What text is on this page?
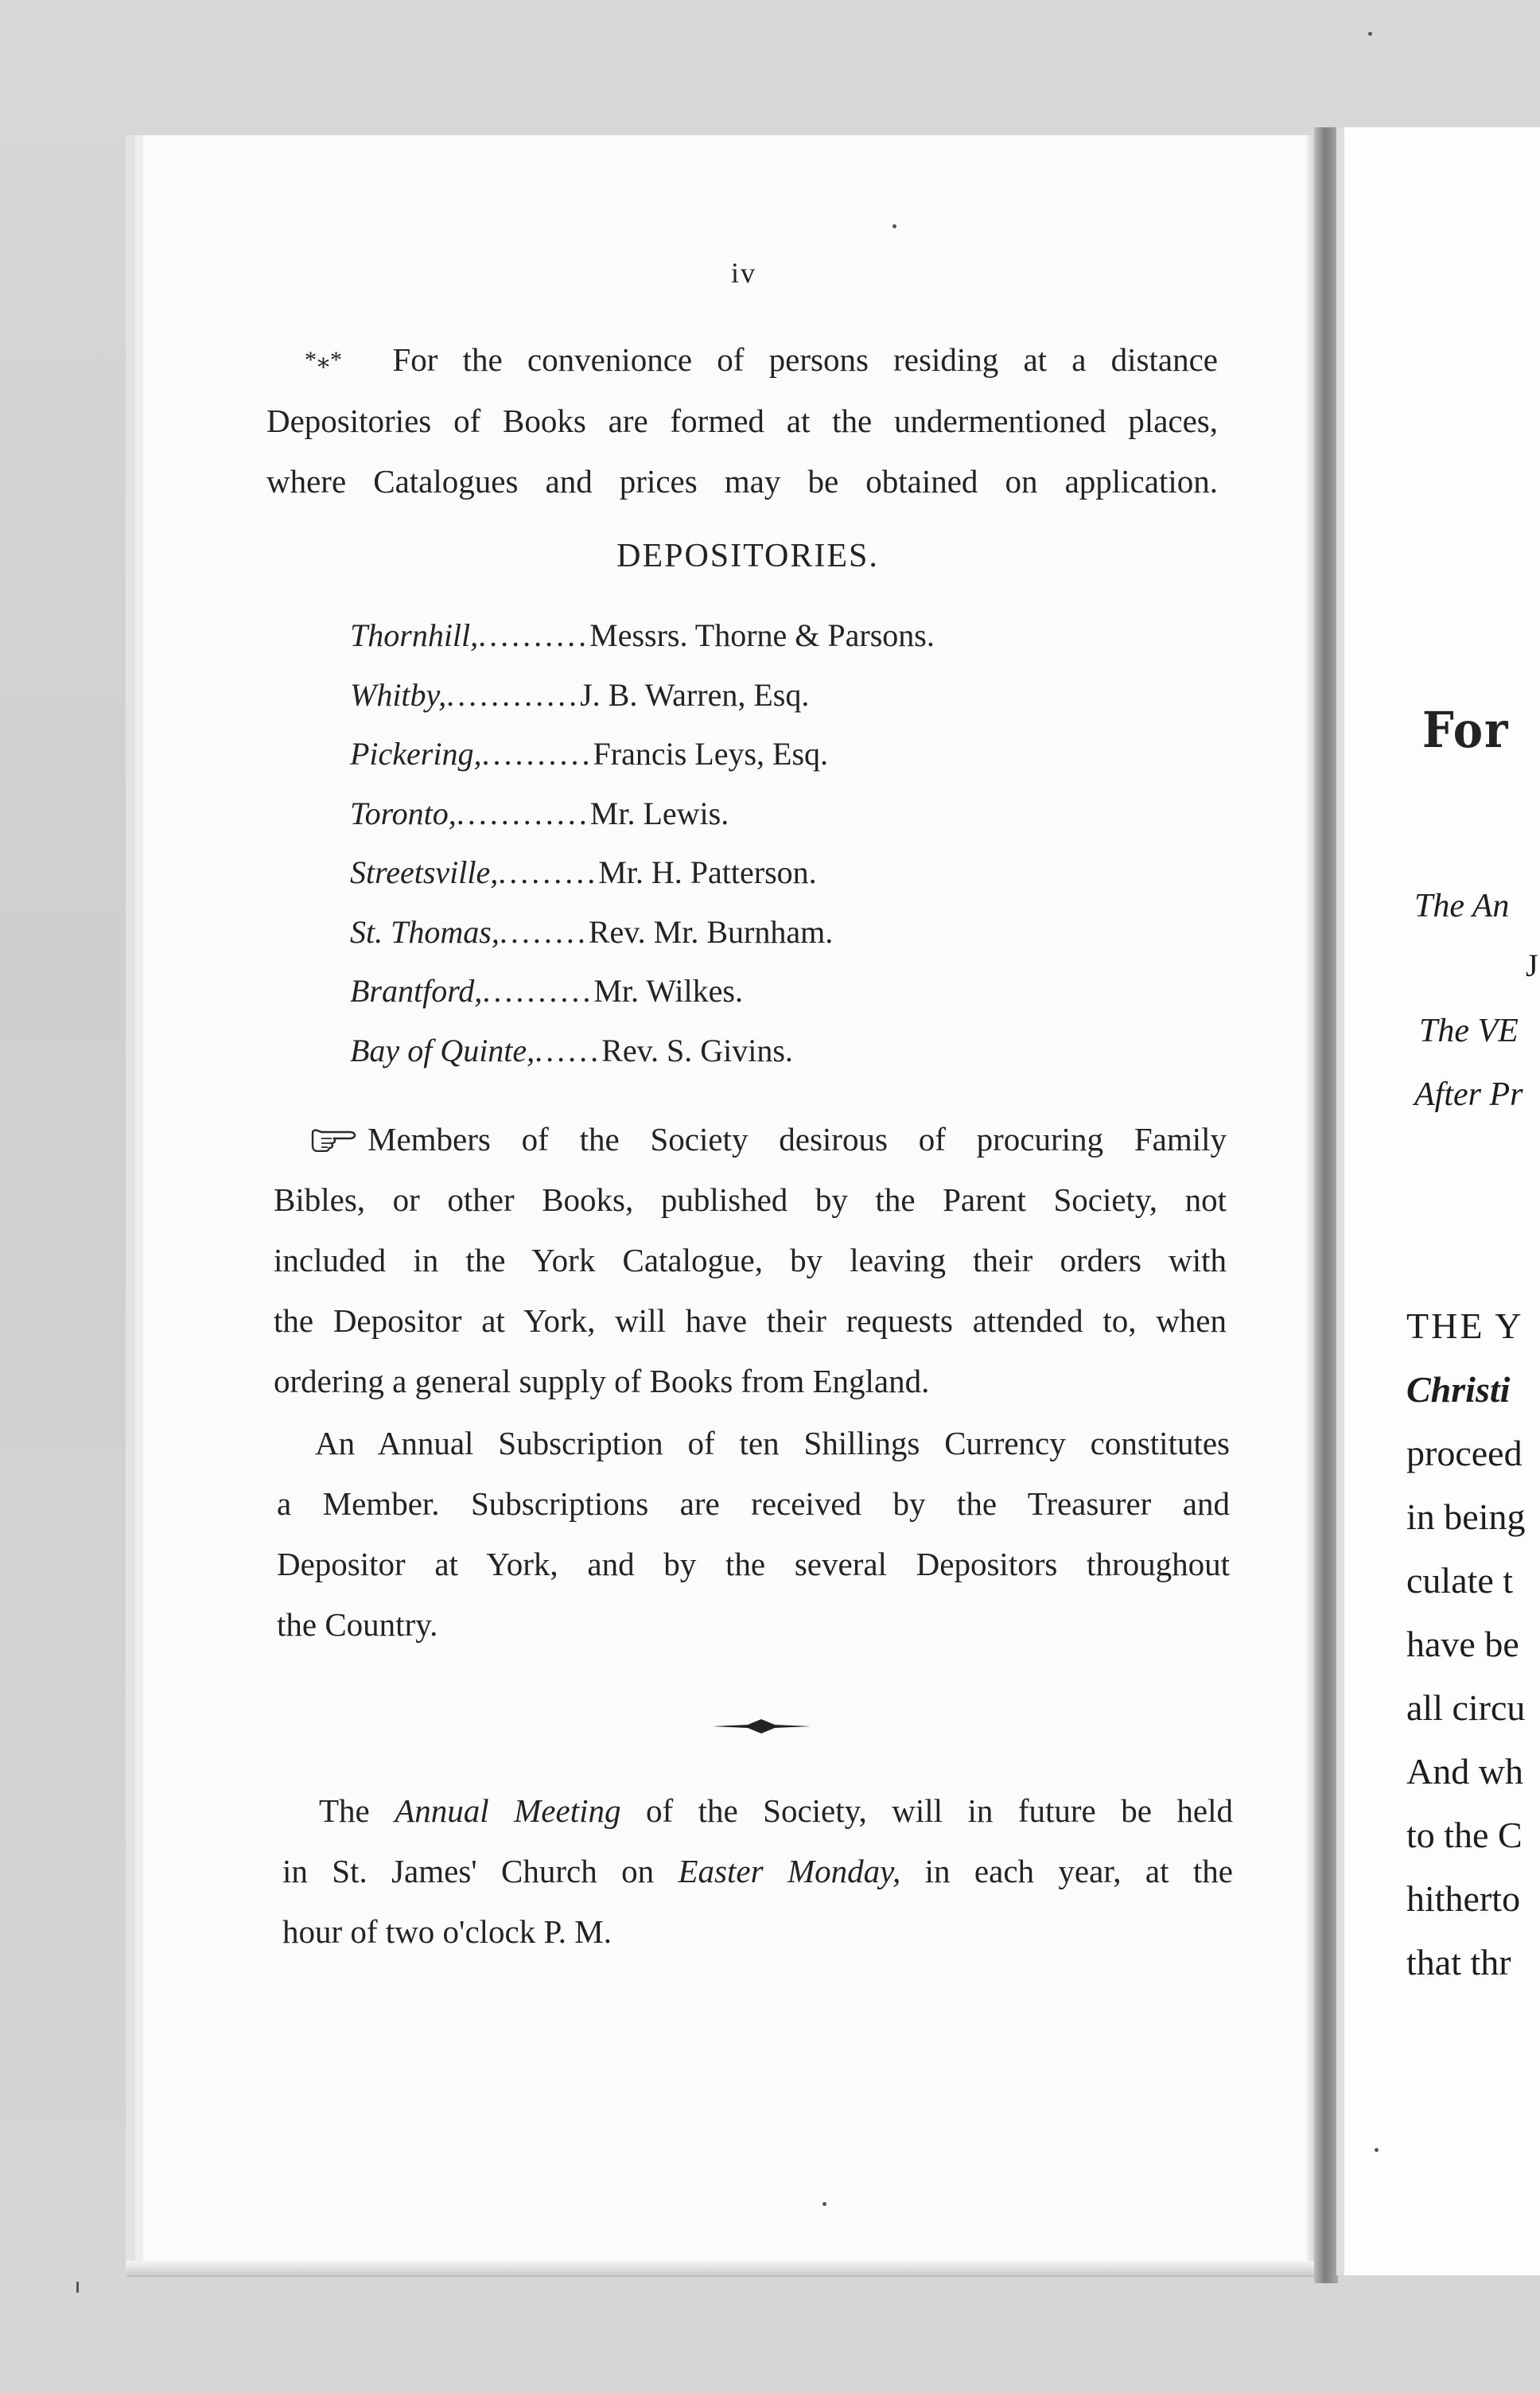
iv
*⁎* For the convenionce of persons residing at a distance
Depositories of Books are formed at the undermentioned places,
where Catalogues and prices may be obtained on application.
DEPOSITORIES.
Thornhill,..........Messrs. Thorne & Parsons.
Whitby,............J. B. Warren, Esq.
Pickering,..........Francis Leys, Esq.
Toronto,............Mr. Lewis.
Streetsville,.........Mr. H. Patterson.
St. Thomas,........Rev. Mr. Burnham.
Brantford,..........Mr. Wilkes.
Bay of Quinte,......Rev. S. Givins.
Members of the Society desirous of procuring Family
Bibles, or other Books, published by the Parent Society, not
included in the York Catalogue, by leaving their orders with
the Depositor at York, will have their requests attended to, when
ordering a general supply of Books from England.
An Annual Subscription of ten Shillings Currency constitutes
a Member. Subscriptions are received by the Treasurer and
Depositor at York, and by the several Depositors throughout
the Country.
The Annual Meeting of the Society, will in future be held
in St. James' Church on Easter Monday, in each year, at the
hour of two o'clock P. M.
For
The An
J
The VE
After Pr
THE Y
Christi
proceed
in being
culate t
have be
all circu
And wh
to the C
hitherto
that thr
